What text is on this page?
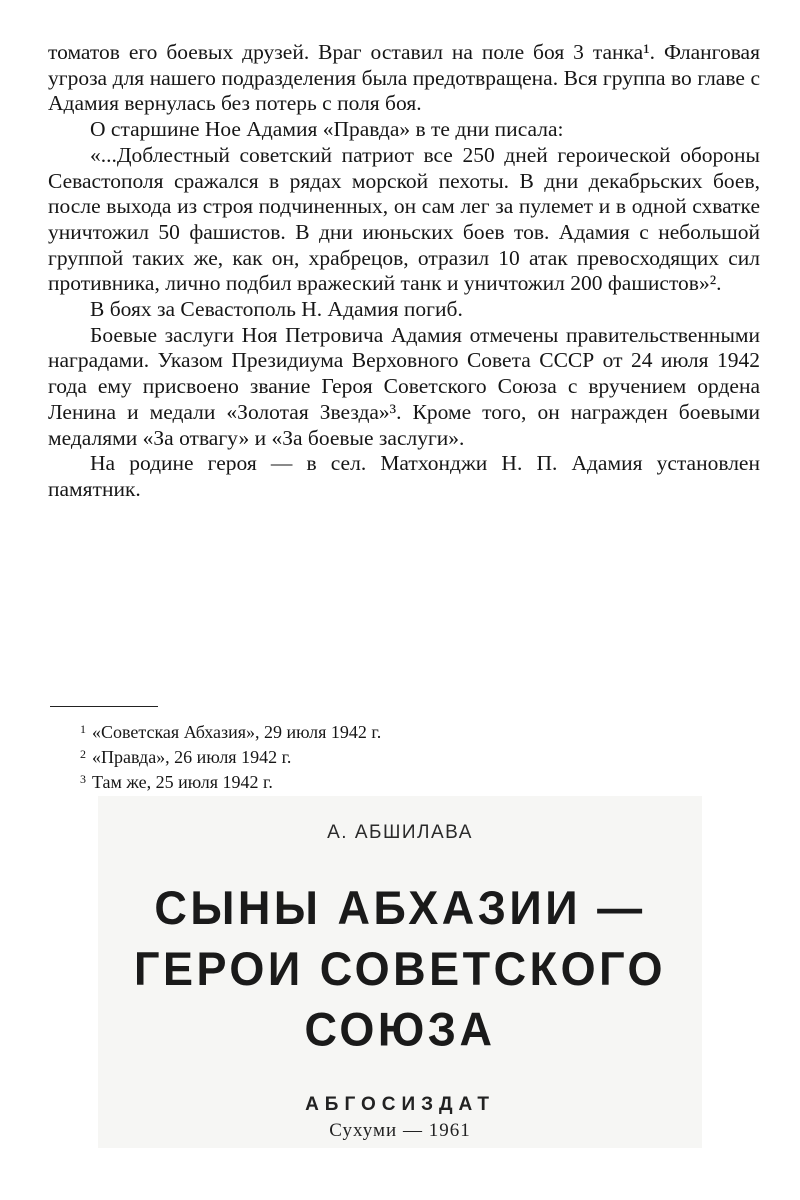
томатов его боевых друзей. Враг оставил на поле боя 3 танка¹. Фланговая угроза для нашего подразделения была предотвращена. Вся группа во главе с Адамия вернулась без потерь с поля боя.

О старшине Ное Адамия «Правда» в те дни писала:

«...Доблестный советский патриот все 250 дней героической обороны Севастополя сражался в рядах морской пехоты. В дни декабрьских боев, после выхода из строя подчиненных, он сам лег за пулемет и в одной схватке уничтожил 50 фашистов. В дни июньских боев тов. Адамия с небольшой группой таких же, как он, храбрецов, отразил 10 атак превосходящих сил противника, лично подбил вражеский танк и уничтожил 200 фашистов»².

В боях за Севастополь Н. Адамия погиб.

Боевые заслуги Ноя Петровича Адамия отмечены правительственными наградами. Указом Президиума Верховного Совета СССР от 24 июля 1942 года ему присвоено звание Героя Советского Союза с вручением ордена Ленина и медали «Золотая Звезда»³. Кроме того, он награжден боевыми медалями «За отвагу» и «За боевые заслуги».

На родине героя — в сел. Матхонджи Н. П. Адамия установлен памятник.

$^1$ «Советская Абхазия», 29 июля 1942 г.
$^2$ «Правда», 26 июля 1942 г.
$^3$ Там же, 25 июля 1942 г.
А. АБШИЛАВА
СЫНЫ АБХАЗИИ —
ГЕРОИ СОВЕТСКОГО
СОЮЗА
АБГОСИЗДАТ
Сухуми — 1961
